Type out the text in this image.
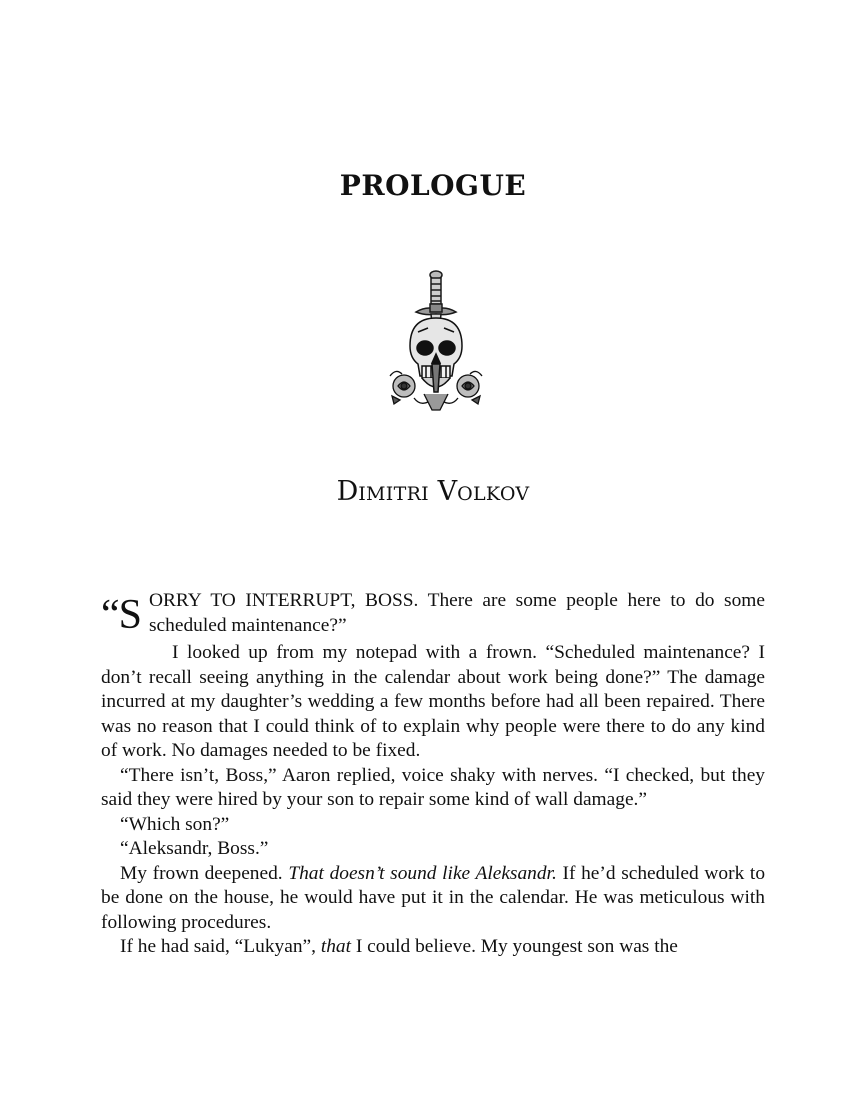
PROLOGUE
DIMITRI VOLKOV
“S ORRY TO INTERRUPT, BOSS. There are some people here to do some scheduled maintenance?”

I looked up from my notepad with a frown. “Scheduled maintenance? I don’t recall seeing anything in the calendar about work being done?” The damage incurred at my daughter’s wedding a few months before had all been repaired. There was no reason that I could think of to explain why people were there to do any kind of work. No damages needed to be fixed.

“There isn’t, Boss,” Aaron replied, voice shaky with nerves. “I checked, but they said they were hired by your son to repair some kind of wall damage.”

“Which son?”

“Aleksandr, Boss.”

My frown deepened. That doesn’t sound like Aleksandr. If he’d scheduled work to be done on the house, he would have put it in the calendar. He was meticulous with following procedures.

If he had said, “Lukyan”, that I could believe. My youngest son was the
